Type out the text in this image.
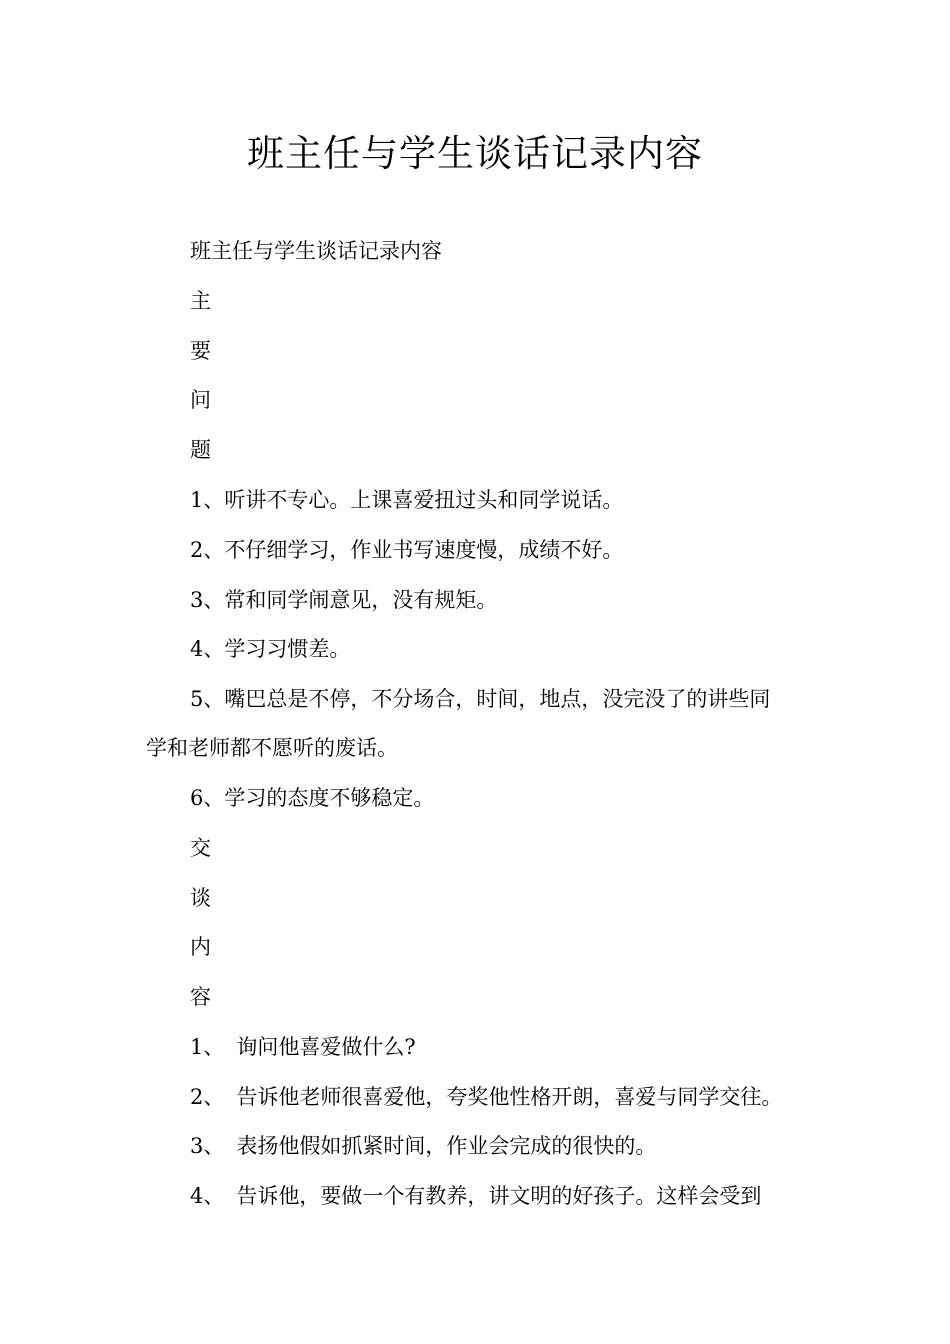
班主任与学生谈话记录内容

班主任与学生谈话记录内容

主

要

问

题

1、听讲不专心。上课喜爱扭过头和同学说话。

2、不仔细学习，作业书写速度慢，成绩不好。

3、常和同学闹意见，没有规矩。

4、学习习惯差。

5、嘴巴总是不停，不分场合，时间，地点，没完没了的讲些同

学和老师都不愿听的废话。

6、学习的态度不够稳定。

交

谈

内

容

1、 询问他喜爱做什么?

2、 告诉他老师很喜爱他，夸奖他性格开朗，喜爱与同学交往。

3、 表扬他假如抓紧时间，作业会完成的很快的。

4、 告诉他，要做一个有教养，讲文明的好孩子。这样会受到
